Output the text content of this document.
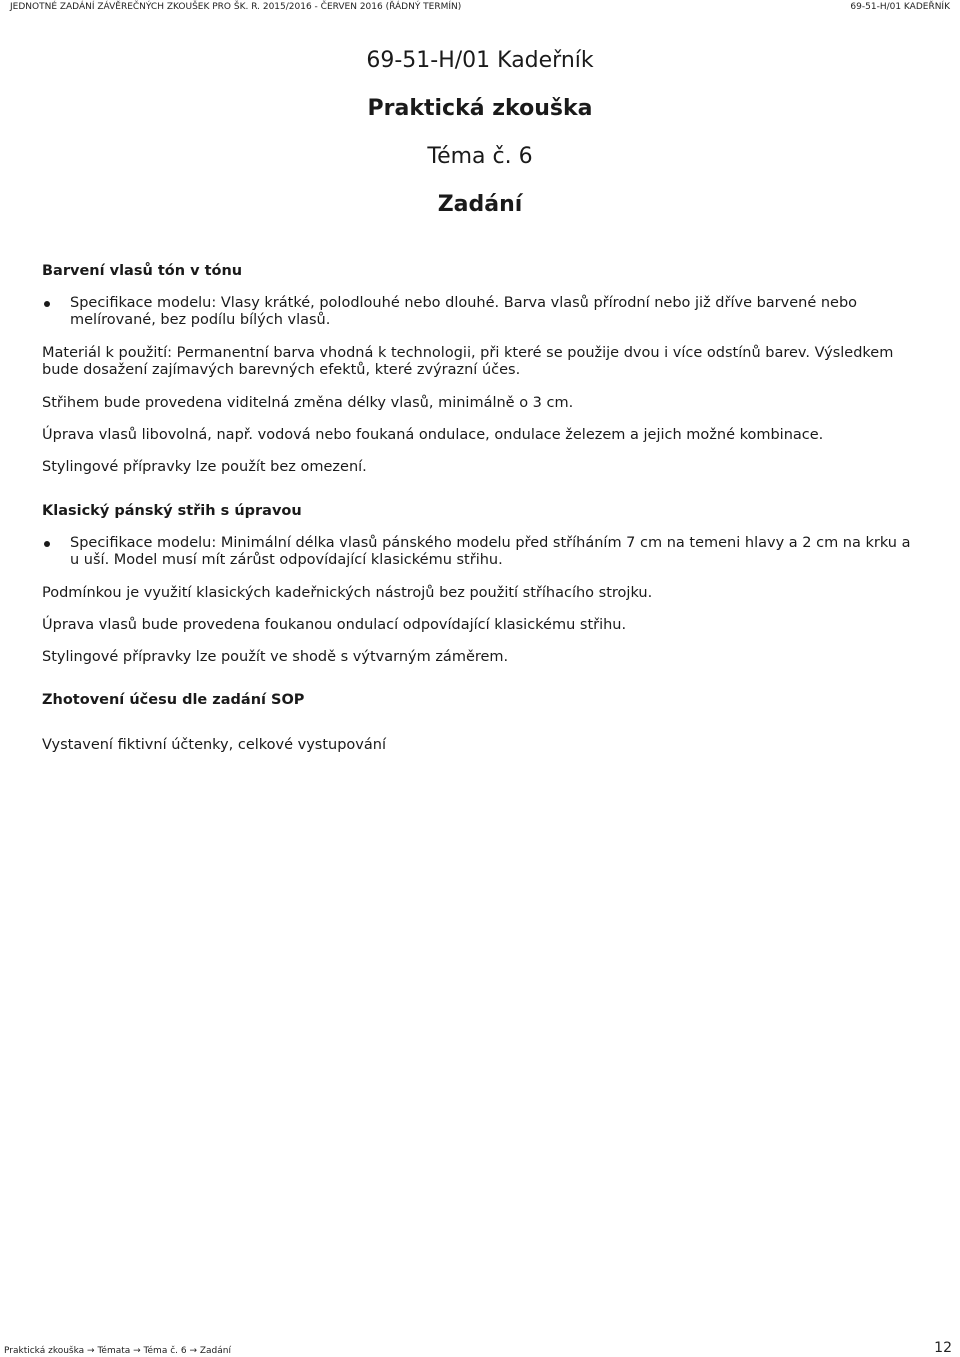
JEDNOTNÉ ZADÁNÍ ZÁVĚREČNÝCH ZKOUŠEK PRO ŠK. R. 2015/2016 - ČERVEN 2016 (ŘÁDNÝ TERMÍN)	69-51-H/01 KADEŘNÍK
69-51-H/01 Kadeřník
Praktická zkouška
Téma č. 6
Zadání
Barvení vlasů tón v tónu
Specifikace modelu: Vlasy krátké, polodlouhé nebo dlouhé. Barva vlasů přírodní nebo již dříve barvené nebo melírované, bez podílu bílých vlasů.

Materiál k použití: Permanentní barva vhodná k technologii, při které se použije dvou i více odstínů barev. Výsledkem bude dosažení zajímavých barevných efektů, které zvýrazní účes.

Střihem bude provedena viditelná změna délky vlasů, minimálně o 3 cm.

Úprava vlasů libovolná, např. vodová nebo foukaná ondulace, ondulace železem a jejich možné kombinace.

Stylingové přípravky lze použít bez omezení.

Klasický pánský střih s úpravou
Specifikace modelu: Minimální délka vlasů pánského modelu před stříháním 7 cm na temeni hlavy a 2 cm na krku a u uší. Model musí mít zárůst odpovídající klasickému střihu.

Podmínkou je využití klasických kadeřnických nástrojů bez použití stříhacího strojku.

Úprava vlasů bude provedena foukanou ondulací odpovídající klasickému střihu.

Stylingové přípravky lze použít ve shodě s výtvarným záměrem.

Zhotovení účesu dle zadání SOP

Vystavení fiktivní účtenky, celkové vystupování

Praktická zkouška → Témata → Téma č. 6 → Zadání	12
